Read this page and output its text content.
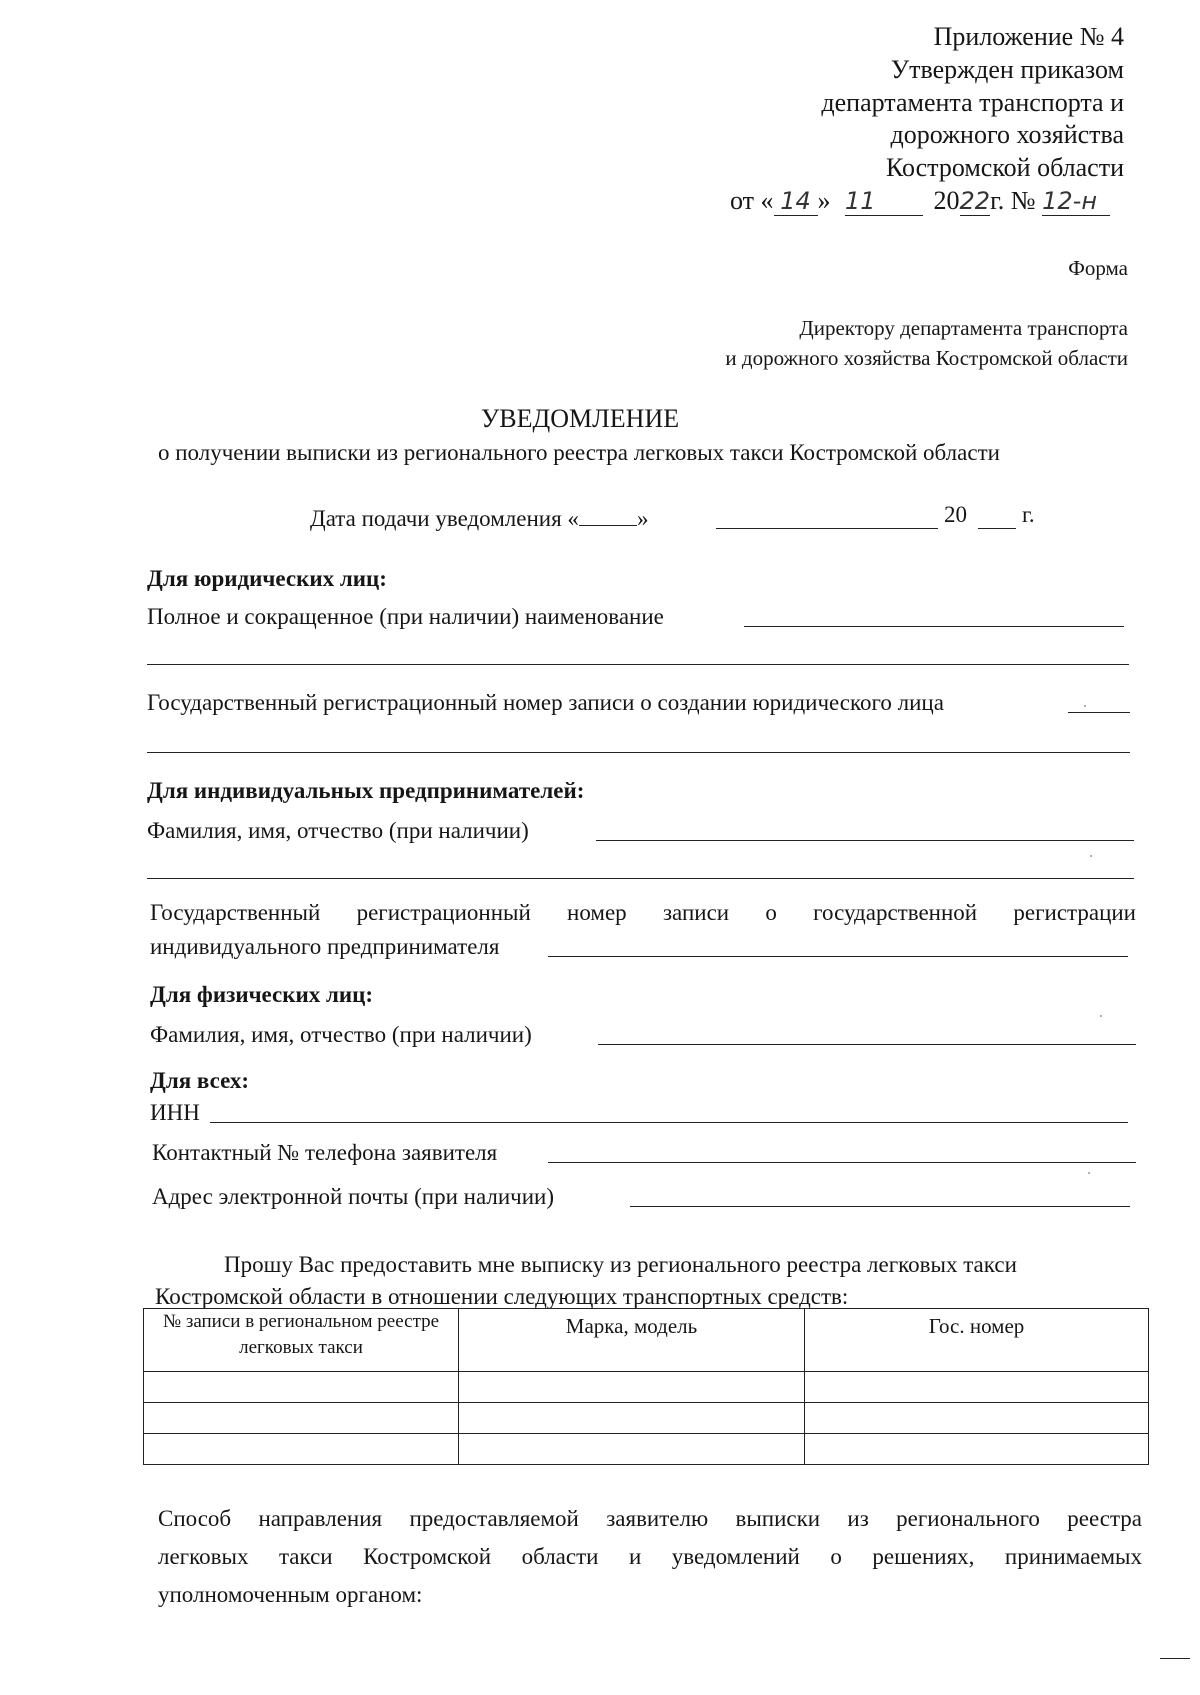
Приложение № 4
Утвержден приказом
департамента транспорта и
дорожного хозяйства
Костромской области
от « 14 » 11 2022г. № 12-н
Форма
Директору департамента транспорта
и дорожного хозяйства Костромской области
УВЕДОМЛЕНИЕ
о получении выписки из регионального реестра легковых такси Костромской области
Дата подачи уведомления «	»	20 г.
Для юридических лиц:
Полное и сокращенное (при наличии) наименование
Государственный регистрационный номер записи о создании юридического лица
Для индивидуальных предпринимателей:
Фамилия, имя, отчество (при наличии)
Государственный регистрационный номер записи о государственной регистрации
индивидуального предпринимателя
Для физических лиц:
Фамилия, имя, отчество (при наличии)
Для всех:
ИНН
Контактный № телефона заявителя
Адрес электронной почты (при наличии)
Прошу Вас предоставить мне выписку из регионального реестра легковых такси
Костромской области в отношении следующих транспортных средств:
№ записи в региональном реестре легковых такси	Марка, модель	Гос. номер

Способ направления предоставляемой заявителю выписки из регионального реестра
легковых такси Костромской области и уведомлений о решениях, принимаемых
уполномоченным органом:
